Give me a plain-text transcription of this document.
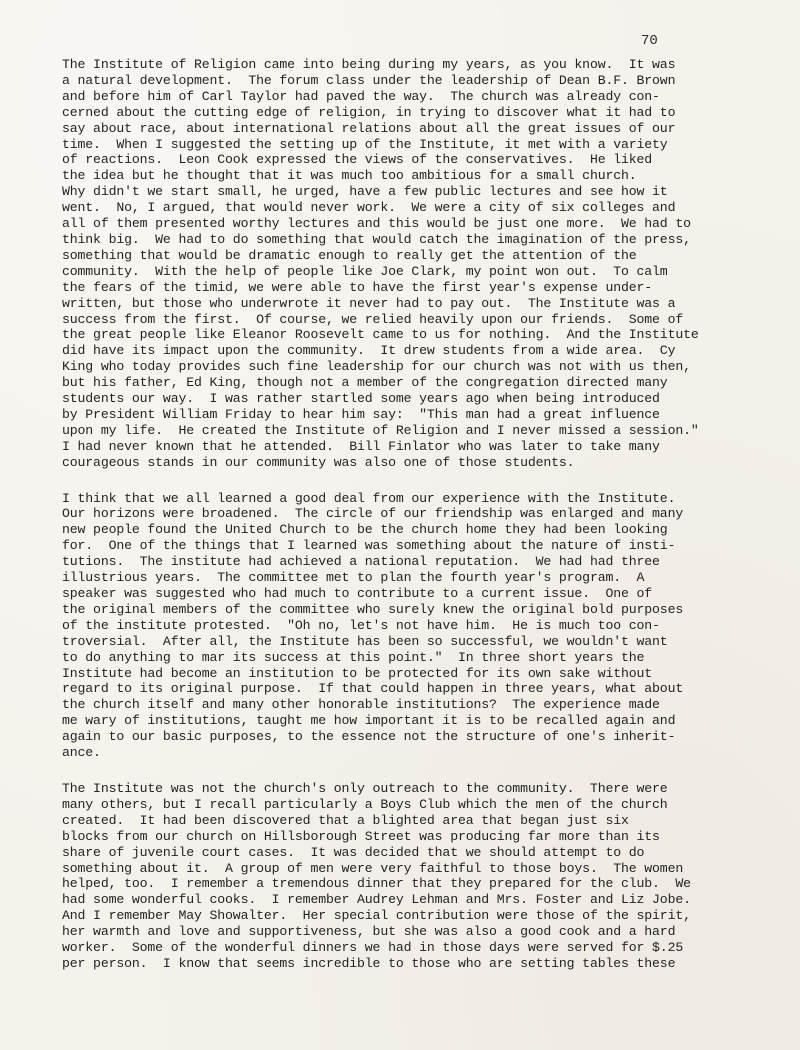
70
The Institute of Religion came into being during my years, as you know.  It was
a natural development.  The forum class under the leadership of Dean B.F. Brown
and before him of Carl Taylor had paved the way.  The church was already con-
cerned about the cutting edge of religion, in trying to discover what it had to
say about race, about international relations about all the great issues of our
time.  When I suggested the setting up of the Institute, it met with a variety
of reactions.  Leon Cook expressed the views of the conservatives.  He liked
the idea but he thought that it was much too ambitious for a small church.
Why didn't we start small, he urged, have a few public lectures and see how it
went.  No, I argued, that would never work.  We were a city of six colleges and
all of them presented worthy lectures and this would be just one more.  We had to
think big.  We had to do something that would catch the imagination of the press,
something that would be dramatic enough to really get the attention of the
community.  With the help of people like Joe Clark, my point won out.  To calm
the fears of the timid, we were able to have the first year's expense under-
written, but those who underwrote it never had to pay out.  The Institute was a
success from the first.  Of course, we relied heavily upon our friends.  Some of
the great people like Eleanor Roosevelt came to us for nothing.  And the Institute
did have its impact upon the community.  It drew students from a wide area.  Cy
King who today provides such fine leadership for our church was not with us then,
but his father, Ed King, though not a member of the congregation directed many
students our way.  I was rather startled some years ago when being introduced
by President William Friday to hear him say:  "This man had a great influence
upon my life.  He created the Institute of Religion and I never missed a session."
I had never known that he attended.  Bill Finlator who was later to take many
courageous stands in our community was also one of those students.
I think that we all learned a good deal from our experience with the Institute.
Our horizons were broadened.  The circle of our friendship was enlarged and many
new people found the United Church to be the church home they had been looking
for.  One of the things that I learned was something about the nature of insti-
tutions.  The institute had achieved a national reputation.  We had had three
illustrious years.  The committee met to plan the fourth year's program.  A
speaker was suggested who had much to contribute to a current issue.  One of
the original members of the committee who surely knew the original bold purposes
of the institute protested.  "Oh no, let's not have him.  He is much too con-
troversial.  After all, the Institute has been so successful, we wouldn't want
to do anything to mar its success at this point."  In three short years the
Institute had become an institution to be protected for its own sake without
regard to its original purpose.  If that could happen in three years, what about
the church itself and many other honorable institutions?  The experience made
me wary of institutions, taught me how important it is to be recalled again and
again to our basic purposes, to the essence not the structure of one's inherit-
ance.
The Institute was not the church's only outreach to the community.  There were
many others, but I recall particularly a Boys Club which the men of the church
created.  It had been discovered that a blighted area that began just six
blocks from our church on Hillsborough Street was producing far more than its
share of juvenile court cases.  It was decided that we should attempt to do
something about it.  A group of men were very faithful to those boys.  The women
helped, too.  I remember a tremendous dinner that they prepared for the club.  We
had some wonderful cooks.  I remember Audrey Lehman and Mrs. Foster and Liz Jobe.
And I remember May Showalter.  Her special contribution were those of the spirit,
her warmth and love and supportiveness, but she was also a good cook and a hard
worker.  Some of the wonderful dinners we had in those days were served for $.25
per person.  I know that seems incredible to those who are setting tables these
